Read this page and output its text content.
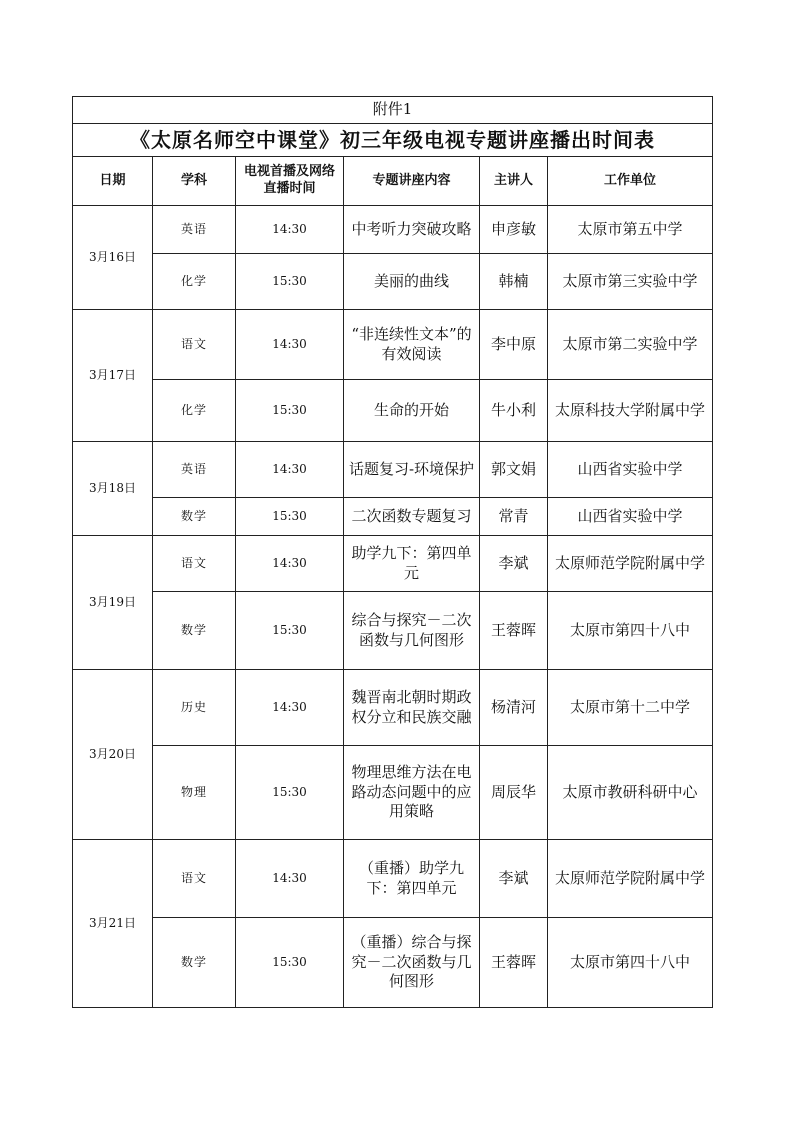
附件1					
《太原名师空中课堂》初三年级电视专题讲座播出时间表					
日期	学科	电视首播及网络直播时间	专题讲座内容	主讲人	工作单位
3月16日	英语	14:30	中考听力突破攻略	申彦敏	太原市第五中学
	化学	15:30	美丽的曲线	韩楠	太原市第三实验中学
3月17日	语文	14:30	“非连续性文本”的有效阅读	李中原	太原市第二实验中学
	化学	15:30	生命的开始	牛小利	太原科技大学附属中学
3月18日	英语	14:30	话题复习-环境保护	郭文娟	山西省实验中学
	数学	15:30	二次函数专题复习	常青	山西省实验中学
3月19日	语文	14:30	助学九下：第四单元	李斌	太原师范学院附属中学
	数学	15:30	综合与探究－二次函数与几何图形	王蓉晖	太原市第四十八中
3月20日	历史	14:30	魏晋南北朝时期政权分立和民族交融	杨清河	太原市第十二中学
	物理	15:30	物理思维方法在电路动态问题中的应用策略	周辰华	太原市教研科研中心
3月21日	语文	14:30	（重播）助学九下：第四单元	李斌	太原师范学院附属中学
	数学	15:30	（重播）综合与探究－二次函数与几何图形	王蓉晖	太原市第四十八中
